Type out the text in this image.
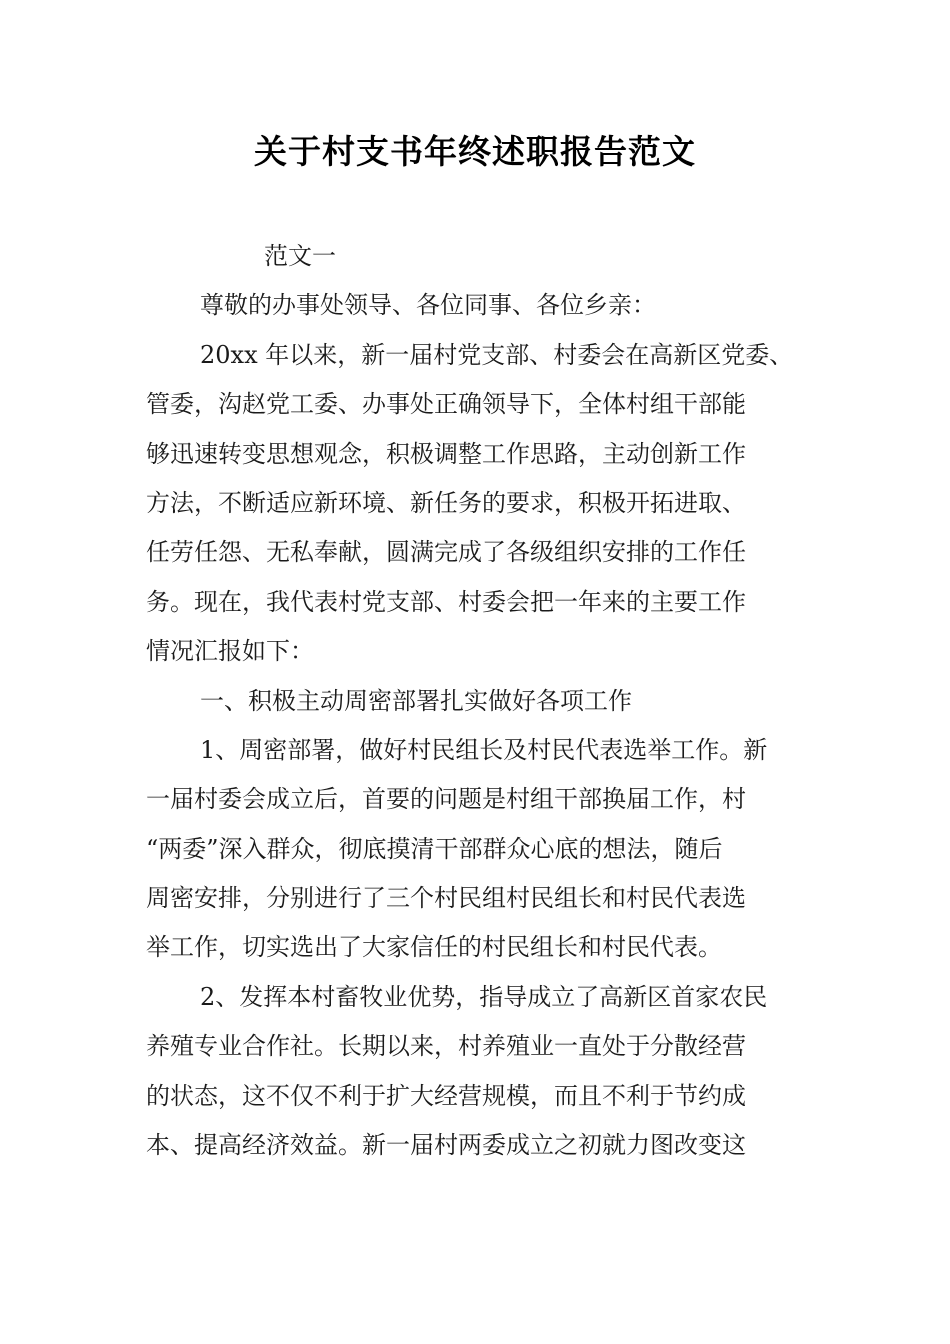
关于村支书年终述职报告范文
范文一
尊敬的办事处领导、各位同事、各位乡亲：
20xx 年以来，新一届村党支部、村委会在高新区党委、
管委，沟赵党工委、办事处正确领导下，全体村组干部能
够迅速转变思想观念，积极调整工作思路，主动创新工作
方法，不断适应新环境、新任务的要求，积极开拓进取、
任劳任怨、无私奉献，圆满完成了各级组织安排的工作任
务。现在，我代表村党支部、村委会把一年来的主要工作
情况汇报如下：
一、积极主动周密部署扎实做好各项工作
1、周密部署，做好村民组长及村民代表选举工作。新
一届村委会成立后，首要的问题是村组干部换届工作，村
“两委”深入群众，彻底摸清干部群众心底的想法，随后
周密安排，分别进行了三个村民组村民组长和村民代表选
举工作，切实选出了大家信任的村民组长和村民代表。
2、发挥本村畜牧业优势，指导成立了高新区首家农民
养殖专业合作社。长期以来，村养殖业一直处于分散经营
的状态，这不仅不利于扩大经营规模，而且不利于节约成
本、提高经济效益。新一届村两委成立之初就力图改变这
